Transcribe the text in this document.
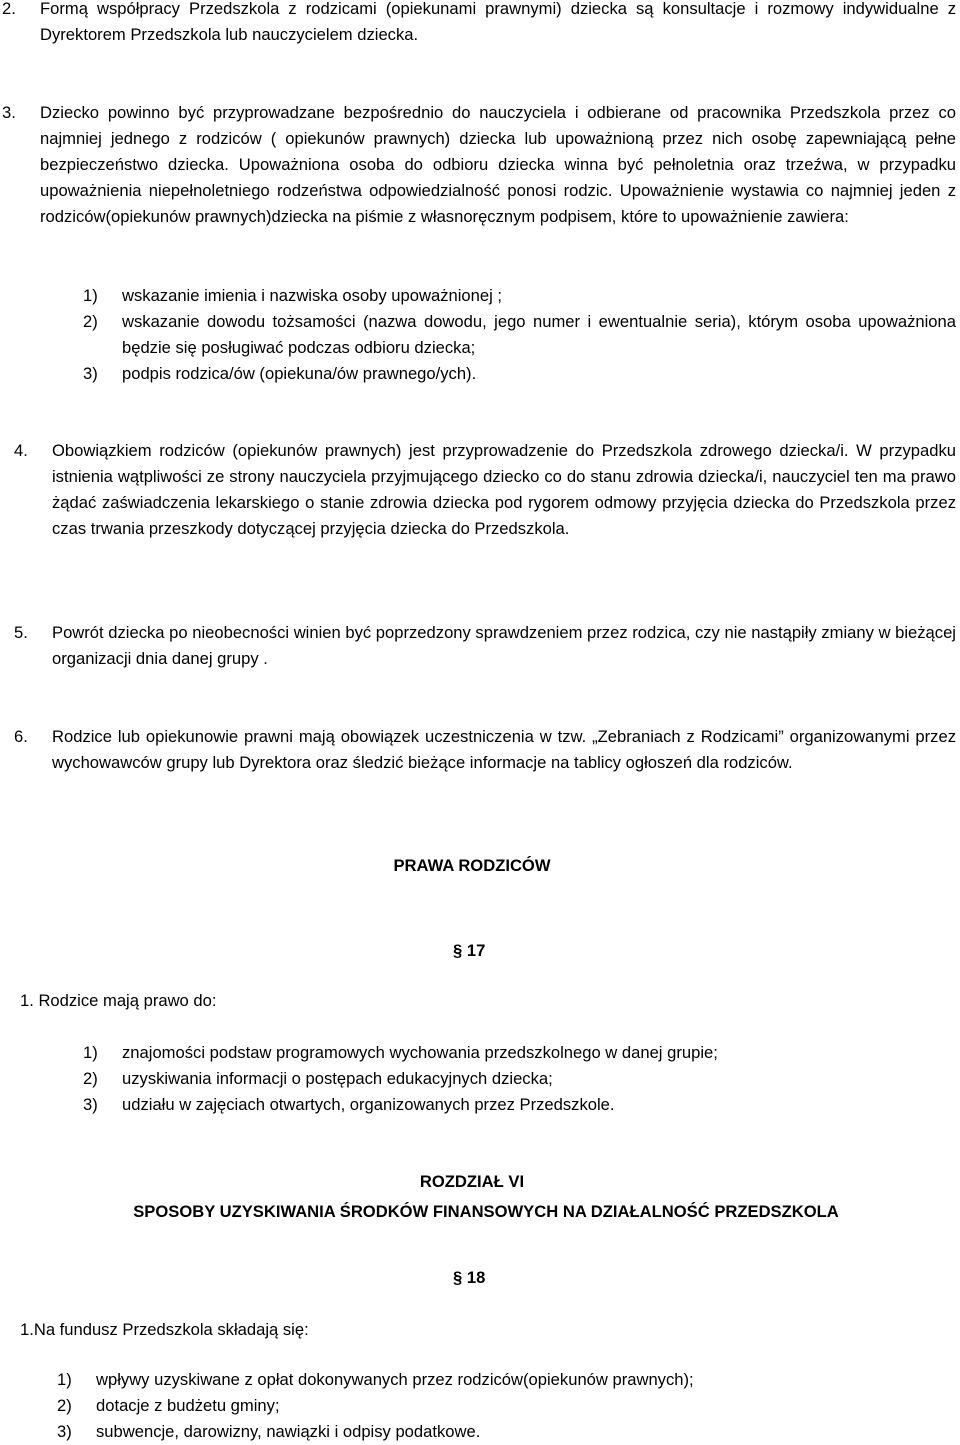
2. Formą współpracy Przedszkola z rodzicami (opiekunami prawnymi) dziecka są konsultacje i rozmowy indywidualne z Dyrektorem Przedszkola lub nauczycielem dziecka.
3. Dziecko powinno być przyprowadzane bezpośrednio do nauczyciela i odbierane od pracownika Przedszkola przez co najmniej jednego z rodziców ( opiekunów prawnych) dziecka lub upoważnioną przez nich osobę zapewniającą pełne bezpieczeństwo dziecka. Upoważniona osoba do odbioru dziecka winna być pełnoletnia oraz trzeźwa, w przypadku upoważnienia niepełnoletniego rodzeństwa odpowiedzialność ponosi rodzic. Upoważnienie wystawia co najmniej jeden z rodziców(opiekunów prawnych)dziecka na piśmie z własnoręcznym podpisem, które to upoważnienie zawiera:
1) wskazanie imienia i nazwiska osoby upoważnionej ;
2) wskazanie dowodu tożsamości (nazwa dowodu, jego numer i ewentualnie seria), którym osoba upoważniona będzie się posługiwać podczas odbioru dziecka;
3) podpis rodzica/ów (opiekuna/ów prawnego/ych).
4. Obowiązkiem rodziców (opiekunów prawnych) jest przyprowadzenie do Przedszkola zdrowego dziecka/i. W przypadku istnienia wątpliwości ze strony nauczyciela przyjmującego dziecko co do stanu zdrowia dziecka/i, nauczyciel ten ma prawo żądać zaświadczenia lekarskiego o stanie zdrowia dziecka pod rygorem odmowy przyjęcia dziecka do Przedszkola przez czas trwania przeszkody dotyczącej przyjęcia dziecka do Przedszkola.
5. Powrót dziecka po nieobecności winien być poprzedzony sprawdzeniem przez rodzica, czy nie nastąpiły zmiany w bieżącej organizacji dnia danej grupy .
6. Rodzice lub opiekunowie prawni mają obowiązek uczestniczenia w tzw. „Zebraniach z Rodzicami” organizowanymi przez wychowawców grupy lub Dyrektora oraz śledzić bieżące informacje na tablicy ogłoszeń dla rodziców.
PRAWA RODZICÓW
§ 17
1. Rodzice mają prawo do:
1) znajomości podstaw programowych wychowania przedszkolnego w danej grupie;
2) uzyskiwania informacji o postępach edukacyjnych dziecka;
3) udziału w zajęciach otwartych, organizowanych przez Przedszkole.
ROZDZIAŁ VI
SPOSOBY UZYSKIWANIA ŚRODKÓW FINANSOWYCH NA DZIAŁALNOŚĆ PRZEDSZKOLA
§ 18
1.Na fundusz Przedszkola składają się:
1) wpływy uzyskiwane z opłat dokonywanych przez rodziców(opiekunów prawnych);
2) dotacje z budżetu gminy;
3) subwencje, darowizny, nawiązki i odpisy podatkowe.
